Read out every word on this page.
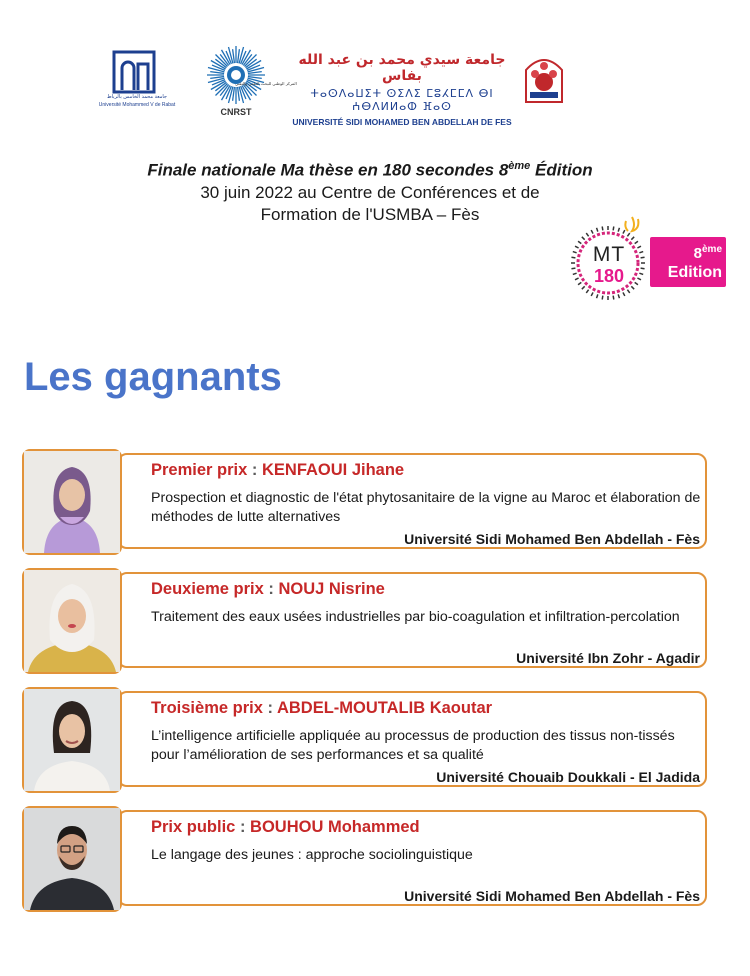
جامعة محمد الخامس بالرباط
Université Mohammed V de Rabat
المركز الوطني للبحث العلمي والتقني
CNRST
جامعة سيدي محمد بن عبد الله بفاس
ⵜⴰⵙⴷⴰⵡⵉⵜ ⵙⵉⴷⵉ ⵎⵓⵃⵎⵎⴷ ⴱⵏ ⵄⴱⴷⵍⵍⴰⵀ ⴼⴰⵙ
UNIVERSITÉ SIDI MOHAMED BEN ABDELLAH DE FES
Finale nationale Ma thèse en 180 secondes 8ème Édition
30 juin 2022 au Centre de Conférences et de
Formation de l'USMBA – Fès
MT
180
8ème
Edition
Les gagnants
Premier prix : KENFAOUI Jihane
Prospection et diagnostic de l'état phytosanitaire de la vigne au Maroc et élaboration de méthodes de lutte alternatives
Université Sidi Mohamed Ben Abdellah - Fès
Deuxieme prix : NOUJ Nisrine
Traitement des eaux usées industrielles par bio-coagulation et infiltration-percolation
Université Ibn Zohr - Agadir
Troisième prix : ABDEL-MOUTALIB Kaoutar
L’intelligence artificielle appliquée au processus de production des tissus non-tissés pour l’amélioration de ses performances et sa qualité
Université Chouaib Doukkali - El Jadida
Prix public : BOUHOU Mohammed
Le langage des jeunes : approche sociolinguistique
Université Sidi Mohamed Ben Abdellah - Fès
